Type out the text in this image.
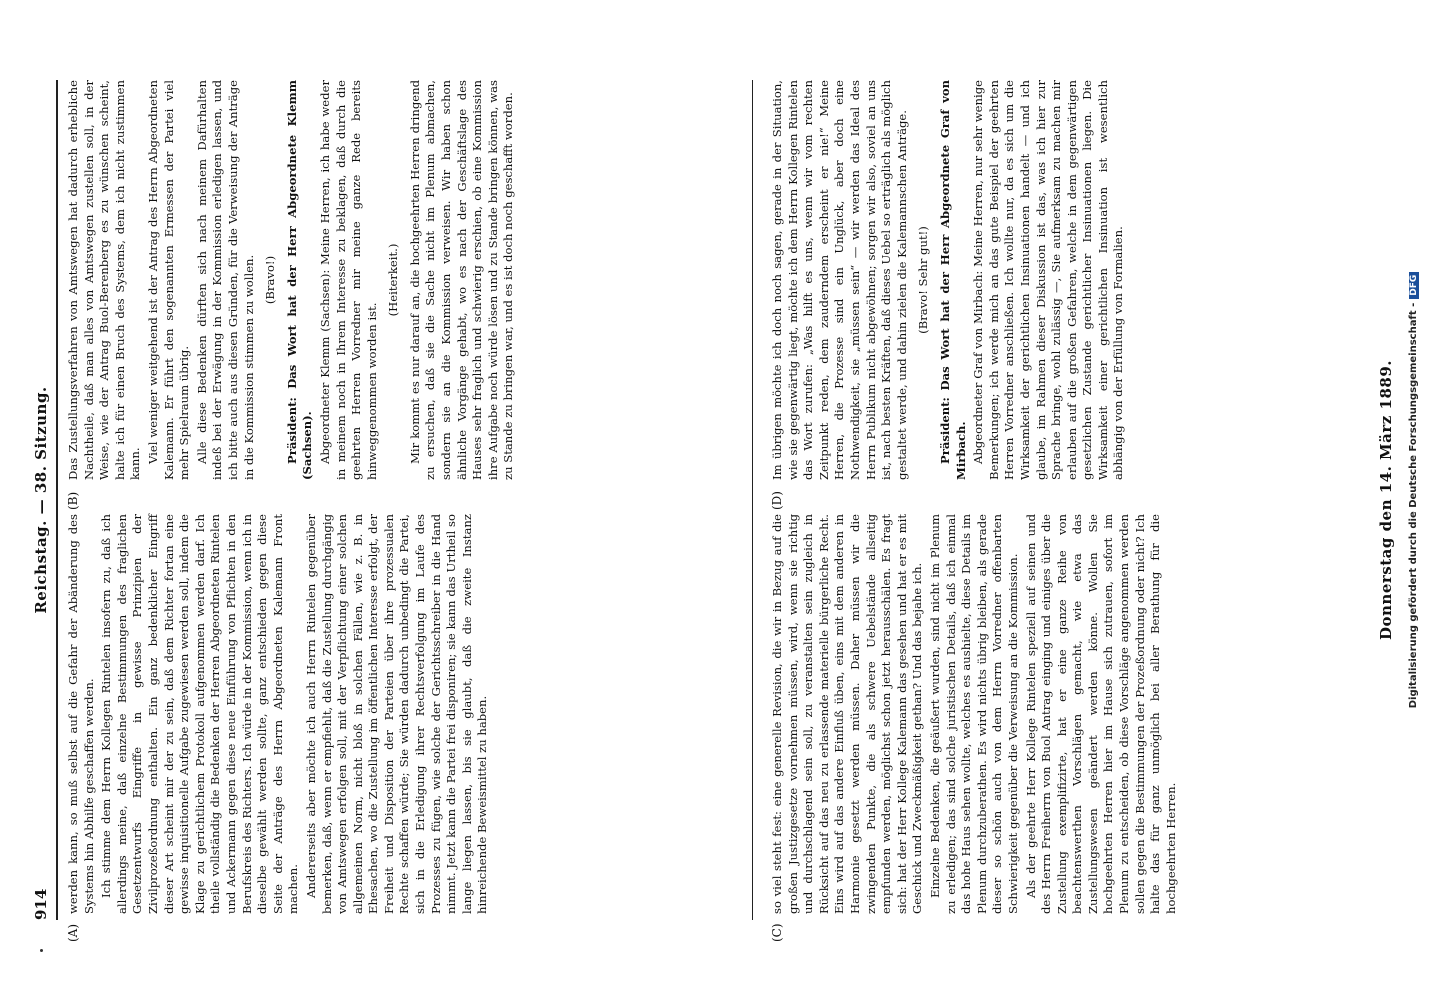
914
Reichstag. — 38. Sitzung.
(A)
(B)

werden kann, so muß selbst auf die Gefahr der Abänderung des Systems hin Abhilfe geschaffen werden. Ich stimme dem Herrn Kollegen Rintelen insofern zu, daß ich allerdings meine, daß einzelne Bestimmungen des fraglichen Gesetzentwurfs Eingriffe in gewisse Prinzipien der Zivilprozeßordnung enthalten. Ein ganz bedenklicher Eingriff dieser Art scheint mir der zu sein, daß dem Richter fortan eine gewisse inquisitionelle Aufgabe zugewiesen werden soll, indem die Klage zu gerichtlichem Protokoll aufgenommen werden darf. Ich theile vollständig die Bedenken der Herren Abgeordneten Rintelen und Ackermann gegen diese neue Einführung von Pflichten in den Berufskreis des Richters. Ich würde in der Kommission, wenn ich in dieselbe gewählt werden sollte, ganz entschieden gegen diese Seite der Anträge des Herrn Abgeordneten Kalemann Front machen. Andererseits aber möchte ich auch Herrn Rintelen gegenüber bemerken, daß, wenn er empfiehlt, daß die Zustellung durchgängig von Amtswegen erfolgen soll, mit der Verpflichtung einer solchen allgemeinen Norm, nicht bloß in solchen Fällen, wie z. B. in Ehesachen, wo die Zustellung im öffentlichen Interesse erfolgt, der Freiheit und Disposition der Parteien über ihre prozessualen Rechte schaffen würde; Sie würden dadurch unbedingt die Partei, sich in die Erledigung ihrer Rechtsverfolgung im Laufe des Prozesses zu fügen, wie solche der Gerichtsschreiber in die Hand nimmt. Jetzt kann die Partei frei disponiren; sie kann das Urtheil so lange liegen lassen, bis sie glaubt, daß die zweite Instanz hinreichende Beweismittel zu haben.

Das Zustellungsverfahren von Amtswegen hat dadurch erhebliche Nachtheile, daß man alles von Amtswegen zustellen soll, in der Weise, wie der Antrag Buol-Berenberg es zu wünschen scheint, halte ich für einen Bruch des Systems, dem ich nicht zustimmen kann. Viel weniger weitgehend ist der Antrag des Herrn Abgeordneten Kalemann. Er führt den sogenannten Ermessen der Partei viel mehr Spielraum übrig. Alle diese Bedenken dürften sich nach meinem Dafürhalten indeß bei der Erwägung in der Kommission erledigen lassen, und ich bitte auch aus diesen Gründen, für die Verweisung der Anträge in die Kommission stimmen zu wollen. (Bravo!) Präsident: Das Wort hat der Herr Abgeordnete Klemm (Sachsen). Abgeordneter Klemm (Sachsen): Meine Herren, ich habe weder in meinem noch in Ihrem Interesse zu beklagen, daß durch die geehrten Herren Vorredner mir meine ganze Rede bereits hinweggenommen worden ist.

(Heiterkeit.) Mir kommt es nur darauf an, die hochgeehrten Herren dringend zu ersuchen, daß sie die Sache nicht im Plenum abmachen, sondern sie an die Kommission verweisen. Wir haben schon ähnliche Vorgänge gehabt, wo es nach der Geschäftslage des Hauses sehr fraglich und schwierig erschien, ob eine Kommission ihre Aufgabe noch würde lösen und zu Stande bringen können, was zu Stande zu bringen war, und es ist doch noch geschafft worden.

(C)
(D)

so viel steht fest: eine generelle Revision, die wir in Bezug auf die großen Justizgesetze vornehmen müssen, wird, wenn sie richtig und durchschlagend sein soll, zu veranstalten sein zugleich in Rücksicht auf das neu zu erlassende materielle bürgerliche Recht. Eins wird auf das andere Einfluß üben, eins mit dem anderen in Harmonie gesetzt werden müssen. Daher müssen wir die zwingenden Punkte, die als schwere Uebelstände allseitig empfunden werden, möglichst schon jetzt herausschälen. Es fragt sich: hat der Herr Kollege Kalemann das gesehen und hat er es mit Geschick und Zweckmäßigkeit gethan? Und das bejahe ich. Einzelne Bedenken, die geäußert wurden, sind nicht im Plenum zu erledigen; das sind solche juristischen Details, daß ich einmal das hohe Haus sehen wollte, welches es aushielte, diese Details im Plenum durchzuberathen. Es wird nichts übrig bleiben, als gerade dieser so schön auch von dem Herrn Vorredner offenbarten Schwierigkeit gegenüber die Verweisung an die Kommission. Als der geehrte Herr Kollege Rintelen speziell auf seinen und des Herrn Freiherrn von Buol Antrag einging und einiges über die Zustellung exemplifizirte, hat er eine ganze Reihe von beachtenswerthen Vorschlägen gemacht, wie etwa das Zustellungswesen geändert werden könne. Wollen Sie hochgeehrten Herren hier im Hause sich zutrauen, sofort im Plenum zu entscheiden, ob diese Vorschläge angenommen werden sollen gegen die Bestimmungen der Prozeßordnung oder nicht? Ich halte das für ganz unmöglich bei aller Berathung für die hochgeehrten Herren.

Im übrigen möchte ich doch noch sagen, gerade in der Situation, wie sie gegenwärtig liegt, möchte ich dem Herrn Kollegen Rintelen das Wort zurufen: „Was hilft es uns, wenn wir vom rechten Zeitpunkt reden, dem zauderndem erscheint er nie!“ Meine Herren, die Prozesse sind ein Unglück, aber doch eine Nothwendigkeit, sie „müssen sein“ — wir werden das Ideal des Herrn Publikum nicht abgewöhnen; sorgen wir also, soviel an uns ist, nach besten Kräften, daß dieses Uebel so erträglich als möglich gestaltet werde, und dahin zielen die Kalemannschen Anträge. (Bravo! Sehr gut!) Präsident: Das Wort hat der Herr Abgeordnete Graf von Mirbach. Abgeordneter Graf von Mirbach: Meine Herren, nur sehr wenige Bemerkungen; ich werde mich an das gute Beispiel der geehrten Herren Vorredner anschließen. Ich wollte nur, da es sich um die Wirksamkeit der gerichtlichen Insinuationen handelt — und ich glaube, im Rahmen dieser Diskussion ist das, was ich hier zur Sprache bringe, wohl zulässig —, Sie aufmerksam zu machen mir erlauben auf die großen Gefahren, welche in dem gegenwärtigen gesetzlichen Zustande gerichtlicher Insinuationen liegen. Die Wirksamkeit einer gerichtlichen Insinuation ist wesentlich abhängig von der Erfüllung von Formalien.

Donnerstag den 14. März 1889. Digitalisierung gefördert durch die Deutsche Forschungsgemeinschaft -DFG
